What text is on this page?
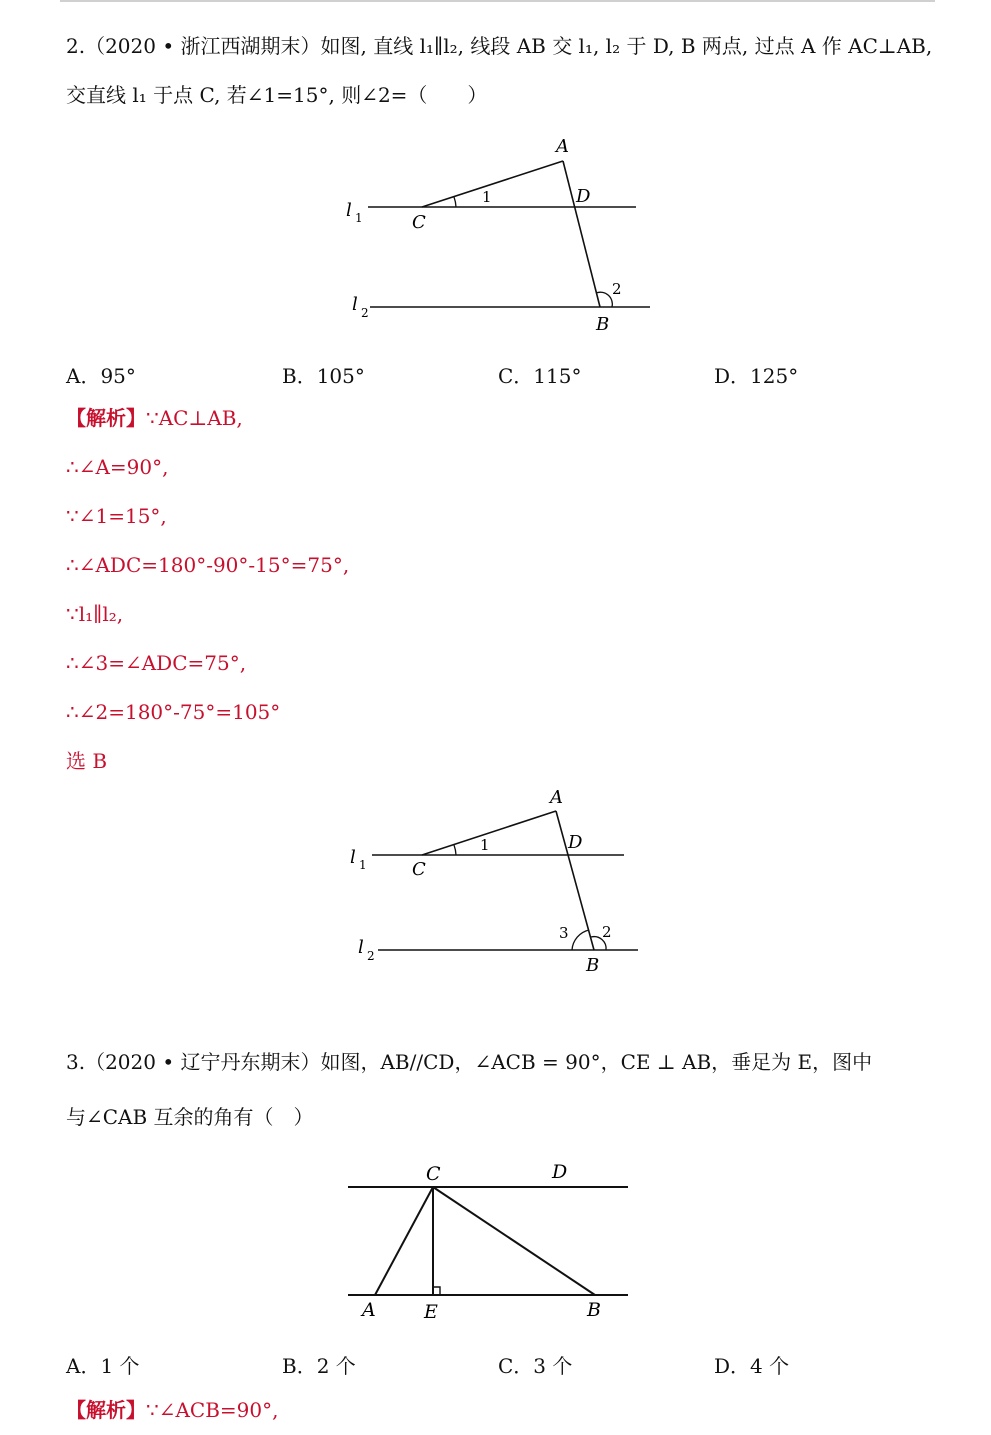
2.（2020 • 浙江西湖期末）如图, 直线 l₁∥l₂, 线段 AB 交 l₁, l₂ 于 D, B 两点, 过点 A 作 AC⊥AB,
交直线 l₁ 于点 C, 若∠1=15°, 则∠2=（　　）
A
D
C
B
1
2
l 1
l 2
A．95°	B．105°	C．115°	D．125°
【解析】∵AC⊥AB,
∴∠A=90°,
∵∠1=15°,
∴∠ADC=180°-90°-15°=75°,
∵l₁∥l₂,
∴∠3=∠ADC=75°,
∴∠2=180°-75°=105°
选 B
A
D
C
B
1
2
3
l 1
l 2
3.（2020 • 辽宁丹东期末）如图，AB//CD，∠ACB = 90°，CE ⊥ AB，垂足为 E，图中
与∠CAB 互余的角有（　）
C	D
A	E	B
A．1 个	B．2 个	C．3 个	D．4 个
【解析】∵∠ACB=90°,
